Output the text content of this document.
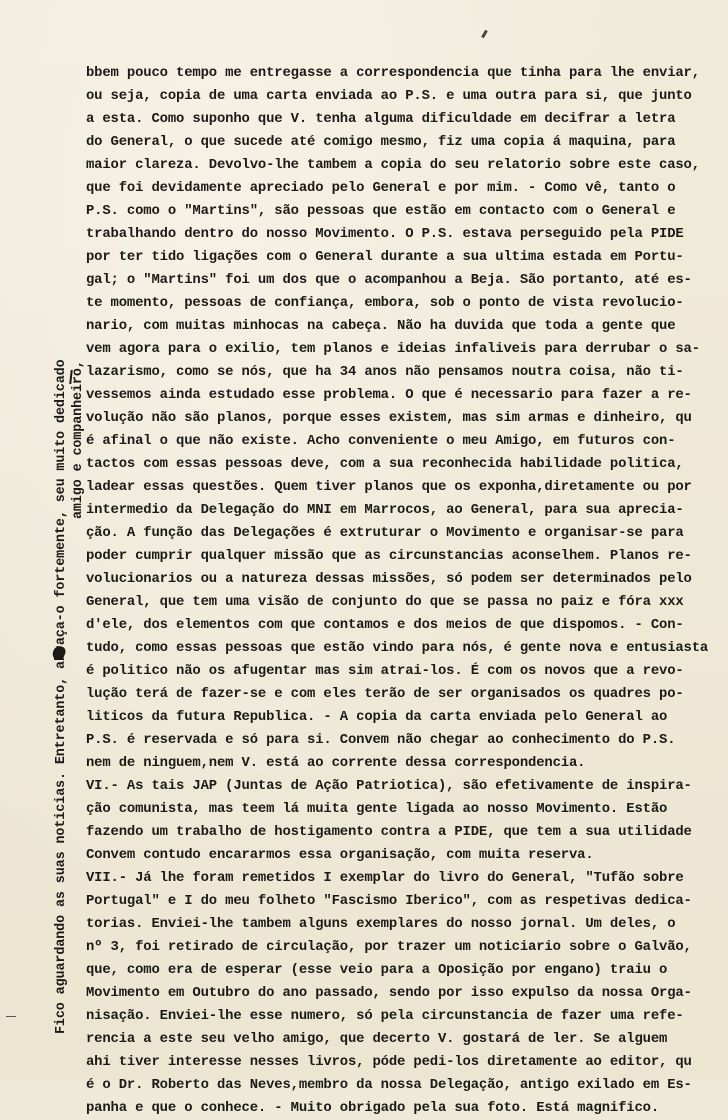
Fico aguardando as suas noticias. Entretanto, abraça-o fortemente, seu muito dedicado amigo e companheiro,
bbem pouco tempo me entregasse a correspondencia que tinha para lhe enviar,
ou seja, copia de uma carta enviada ao P.S. e uma outra para si, que junto
a esta. Como suponho que V. tenha alguma dificuldade em decifrar a letra
do General, o que sucede até comigo mesmo, fiz uma copia á maquina, para
maior clareza. Devolvo-lhe tambem a copia do seu relatorio sobre este caso,
que foi devidamente apreciado pelo General e por mim. - Como vê, tanto o
P.S. como o "Martins", são pessoas que estão em contacto com o General e
trabalhando dentro do nosso Movimento. O P.S. estava perseguido pela PIDE
por ter tido ligações com o General durante a sua ultima estada em Portu-
gal; o "Martins" foi um dos que o acompanhou a Beja. São portanto, até es-
te momento, pessoas de confiança, embora, sob o ponto de vista revolucio-
nario, com muitas minhocas na cabeça. Não ha duvida que toda a gente que
vem agora para o exilio, tem planos e ideias infaliveis para derrubar o sa-
lazarismo, como se nós, que ha 34 anos não pensamos noutra coisa, não ti-
vessemos ainda estudado esse problema. O que é necessario para fazer a re-
volução não são planos, porque esses existem, mas sim armas e dinheiro, qu
é afinal o que não existe. Acho conveniente o meu Amigo, em futuros con-
tactos com essas pessoas deve, com a sua reconhecida habilidade politica,
ladear essas questões. Quem tiver planos que os exponha,diretamente ou por
intermedio da Delegação do MNI em Marrocos, ao General, para sua aprecia-
ção. A função das Delegações é extruturar o Movimento e organisar-se para
poder cumprir qualquer missão que as circunstancias aconselhem. Planos re-
volucionarios ou a natureza dessas missões, só podem ser determinados pelo
General, que tem uma visão de conjunto do que se passa no paiz e fóra xxx
d'ele, dos elementos com que contamos e dos meios de que dispomos. - Con-
tudo, como essas pessoas que estão vindo para nós, é gente nova e entusiasta
é politico não os afugentar mas sim atrai-los. É com os novos que a revo-
lução terá de fazer-se e com eles terão de ser organisados os quadres po-
liticos da futura Republica. - A copia da carta enviada pelo General ao
P.S. é reservada e só para si. Convem não chegar ao conhecimento do P.S.
nem de ninguem,nem V. está ao corrente dessa correspondencia.
VI.- As tais JAP (Juntas de Ação Patriotica), são efetivamente de inspira-
ção comunista, mas teem lá muita gente ligada ao nosso Movimento. Estão
fazendo um trabalho de hostigamento contra a PIDE, que tem a sua utilidade
Convem contudo encararmos essa organisação, com muita reserva.
VII.- Já lhe foram remetidos I exemplar do livro do General, "Tufão sobre
Portugal" e I do meu folheto "Fascismo Iberico", com as respetivas dedica-
torias. Enviei-lhe tambem alguns exemplares do nosso jornal. Um deles, o
nº 3, foi retirado de circulação, por trazer um noticiario sobre o Galvão,
que, como era de esperar (esse veio para a Oposição por engano) traiu o
Movimento em Outubro do ano passado, sendo por isso expulso da nossa Orga-
nisação. Enviei-lhe esse numero, só pela circunstancia de fazer uma refe-
rencia a este seu velho amigo, que decerto V. gostará de ler. Se alguem
ahi tiver interesse nesses livros, póde pedi-los diretamente ao editor, qu
é o Dr. Roberto das Neves,membro da nossa Delegação, antigo exilado em Es-
panha e que o conhece. - Muito obrigado pela sua foto. Está magnifico.
